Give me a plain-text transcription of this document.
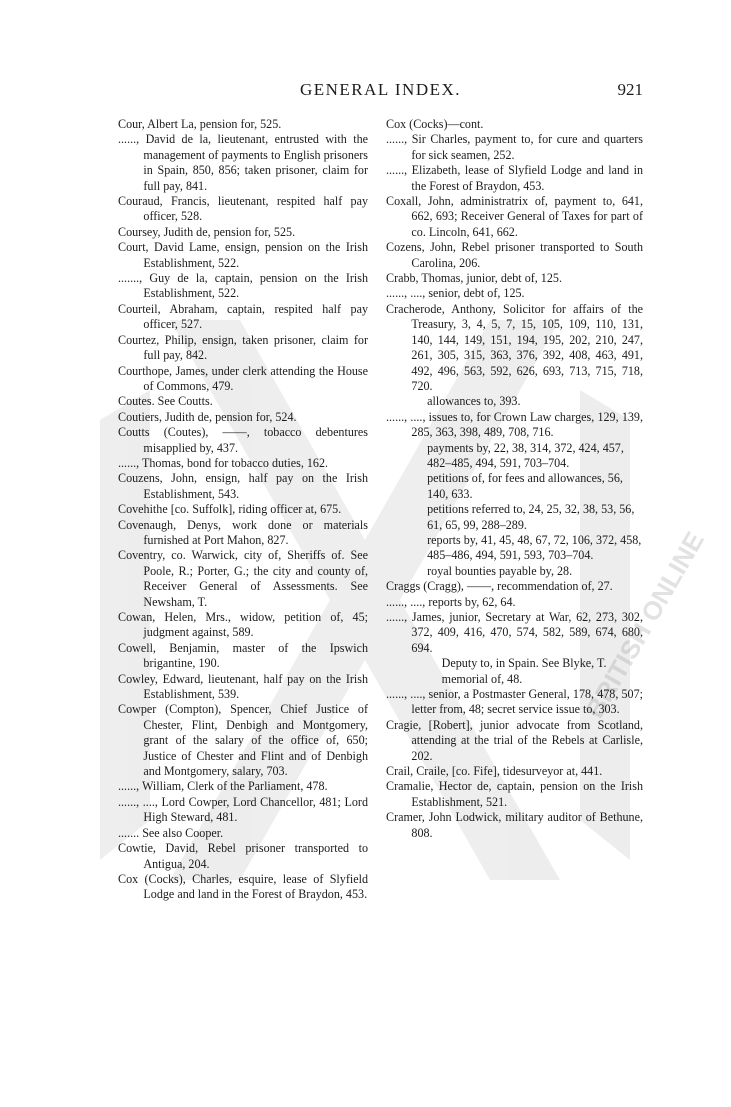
BRITISH ONLINE
GENERAL INDEX.	921

Cour, Albert La, pension for, 525.

......, David de la, lieutenant, entrusted with the management of payments to English prisoners in Spain, 850, 856; taken prisoner, claim for full pay, 841.

Couraud, Francis, lieutenant, respited half pay officer, 528.

Coursey, Judith de, pension for, 525.

Court, David Lame, ensign, pension on the Irish Establishment, 522.

......., Guy de la, captain, pension on the Irish Establishment, 522.

Courteil, Abraham, captain, respited half pay officer, 527.

Courtez, Philip, ensign, taken prisoner, claim for full pay, 842.

Courthope, James, under clerk attending the House of Commons, 479.

Coutes. See Coutts.

Coutiers, Judith de, pension for, 524.

Coutts (Coutes), ——, tobacco debentures misapplied by, 437.

......, Thomas, bond for tobacco duties, 162.

Couzens, John, ensign, half pay on the Irish Establishment, 543.

Covehithe [co. Suffolk], riding officer at, 675.

Covenaugh, Denys, work done or materials furnished at Port Mahon, 827.

Coventry, co. Warwick, city of, Sheriffs of. See Poole, R.; Porter, G.; the city and county of, Receiver General of Assessments. See Newsham, T.

Cowan, Helen, Mrs., widow, petition of, 45; judgment against, 589.

Cowell, Benjamin, master of the Ipswich brigantine, 190.

Cowley, Edward, lieutenant, half pay on the Irish Establishment, 539.

Cowper (Compton), Spencer, Chief Justice of Chester, Flint, Denbigh and Montgomery, grant of the salary of the office of, 650; Justice of Chester and Flint and of Denbigh and Montgomery, salary, 703.

......, William, Clerk of the Parliament, 478.

......, ...., Lord Cowper, Lord Chancellor, 481; Lord High Steward, 481.

....... See also Cooper.

Cowtie, David, Rebel prisoner transported to Antigua, 204.

Cox (Cocks), Charles, esquire, lease of Slyfield Lodge and land in the Forest of Braydon, 453.

Cox (Cocks)—cont.

......, Sir Charles, payment to, for cure and quarters for sick seamen, 252.

......, Elizabeth, lease of Slyfield Lodge and land in the Forest of Braydon, 453.

Coxall, John, administratrix of, payment to, 641, 662, 693; Receiver General of Taxes for part of co. Lincoln, 641, 662.

Cozens, John, Rebel prisoner transported to South Carolina, 206.

Crabb, Thomas, junior, debt of, 125.

......, ...., senior, debt of, 125.

Cracherode, Anthony, Solicitor for affairs of the Treasury, 3, 4, 5, 7, 15, 105, 109, 110, 131, 140, 144, 149, 151, 194, 195, 202, 210, 247, 261, 305, 315, 363, 376, 392, 408, 463, 491, 492, 496, 563, 592, 626, 693, 713, 715, 718, 720.

allowances to, 393.

......, ...., issues to, for Crown Law charges, 129, 139, 285, 363, 398, 489, 708, 716.

payments by, 22, 38, 314, 372, 424, 457, 482–485, 494, 591, 703–704.

petitions of, for fees and allowances, 56, 140, 633.

petitions referred to, 24, 25, 32, 38, 53, 56, 61, 65, 99, 288–289.

reports by, 41, 45, 48, 67, 72, 106, 372, 458, 485–486, 494, 591, 593, 703–704.

royal bounties payable by, 28.

Craggs (Cragg), ——, recommendation of, 27.

......, ...., reports by, 62, 64.

......, James, junior, Secretary at War, 62, 273, 302, 372, 409, 416, 470, 574, 582, 589, 674, 680, 694.

Deputy to, in Spain. See Blyke, T.

memorial of, 48.

......, ...., senior, a Postmaster General, 178, 478, 507; letter from, 48; secret service issue to, 303.

Cragie, [Robert], junior advocate from Scotland, attending at the trial of the Rebels at Carlisle, 202.

Crail, Craile, [co. Fife], tidesurveyor at, 441.

Cramalie, Hector de, captain, pension on the Irish Establishment, 521.

Cramer, John Lodwick, military auditor of Bethune, 808.
